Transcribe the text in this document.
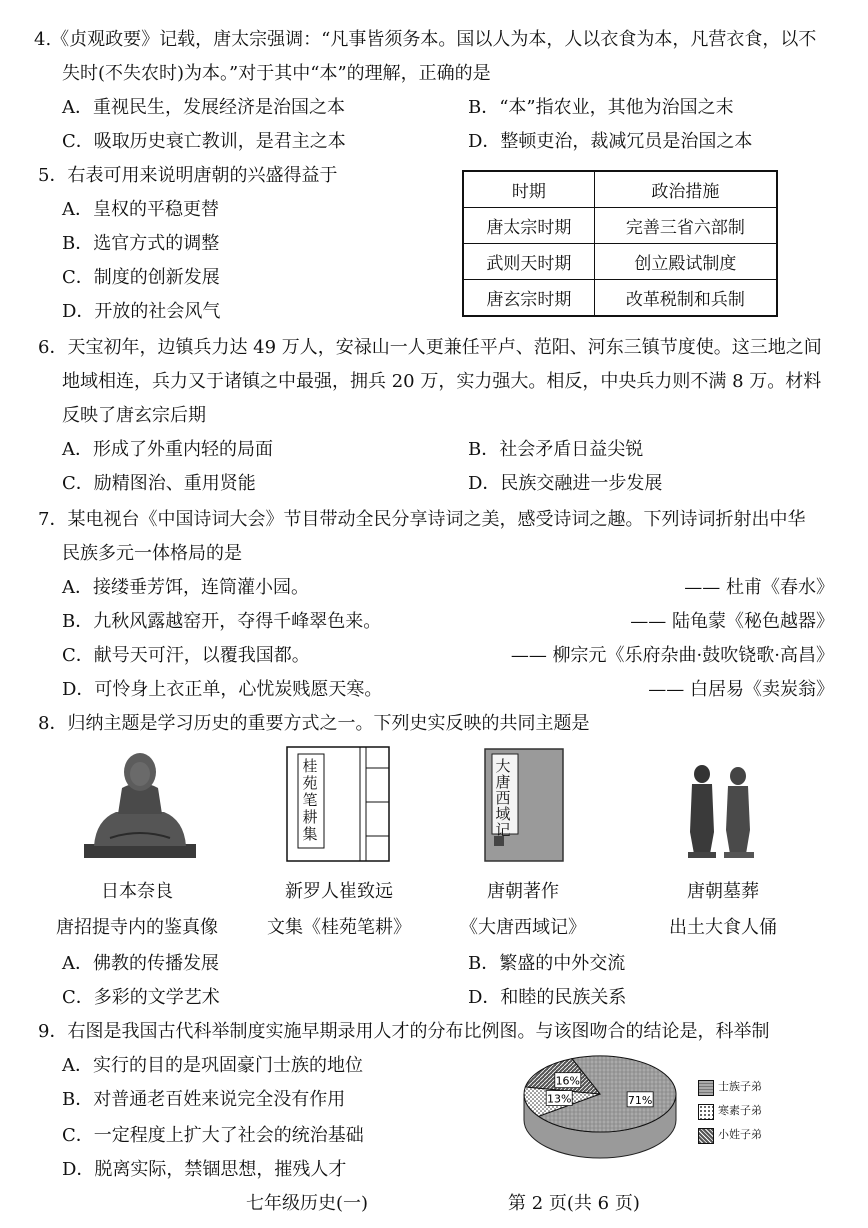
4.《贞观政要》记载，唐太宗强调：“凡事皆须务本。国以人为本，人以衣食为本，凡营衣食，以不
失时(不失农时)为本。”对于其中“本”的理解，正确的是
A．重视民生，发展经济是治国之本	B．“本”指农业，其他为治国之末
C．吸取历史衰亡教训，是君主之本	D．整顿吏治，裁减冗员是治国之本
5．右表可用来说明唐朝的兴盛得益于
A．皇权的平稳更替
B．选官方式的调整
C．制度的创新发展
D．开放的社会风气
时期	政治措施
唐太宗时期	完善三省六部制
武则天时期	创立殿试制度
唐玄宗时期	改革税制和兵制
6．天宝初年，边镇兵力达 49 万人，安禄山一人更兼任平卢、范阳、河东三镇节度使。这三地之间
地域相连，兵力又于诸镇之中最强，拥兵 20 万，实力强大。相反，中央兵力则不满 8 万。材料
反映了唐玄宗后期
A．形成了外重内轻的局面	B．社会矛盾日益尖锐
C．励精图治、重用贤能	D．民族交融进一步发展
7．某电视台《中国诗词大会》节目带动全民分享诗词之美，感受诗词之趣。下列诗词折射出中华
民族多元一体格局的是
A．接缕垂芳饵，连筒灌小园。	—— 杜甫《春水》
B．九秋风露越窑开，夺得千峰翠色来。	—— 陆龟蒙《秘色越器》
C．献号天可汗，以覆我国都。	—— 柳宗元《乐府杂曲·鼓吹铙歌·高昌》
D．可怜身上衣正单，心忧炭贱愿天寒。	—— 白居易《卖炭翁》
8．归纳主题是学习历史的重要方式之一。下列史实反映的共同主题是
桂苑笔耕集
大唐西域记
日本奈良
唐招提寺内的鉴真像
新罗人崔致远
文集《桂苑笔耕》
唐朝著作
《大唐西域记》
唐朝墓葬
出土大食人俑
A．佛教的传播发展	B．繁盛的中外交流
C．多彩的文学艺术	D．和睦的民族关系
9．右图是我国古代科举制度实施早期录用人才的分布比例图。与该图吻合的结论是，科举制
A．实行的目的是巩固豪门士族的地位
B．对普通老百姓来说完全没有作用
C．一定程度上扩大了社会的统治基础
D．脱离实际，禁锢思想，摧残人才
71%
13%
16%	士族子弟
寒素子弟
小姓子弟
七年级历史(一)	第 2 页(共 6 页)
